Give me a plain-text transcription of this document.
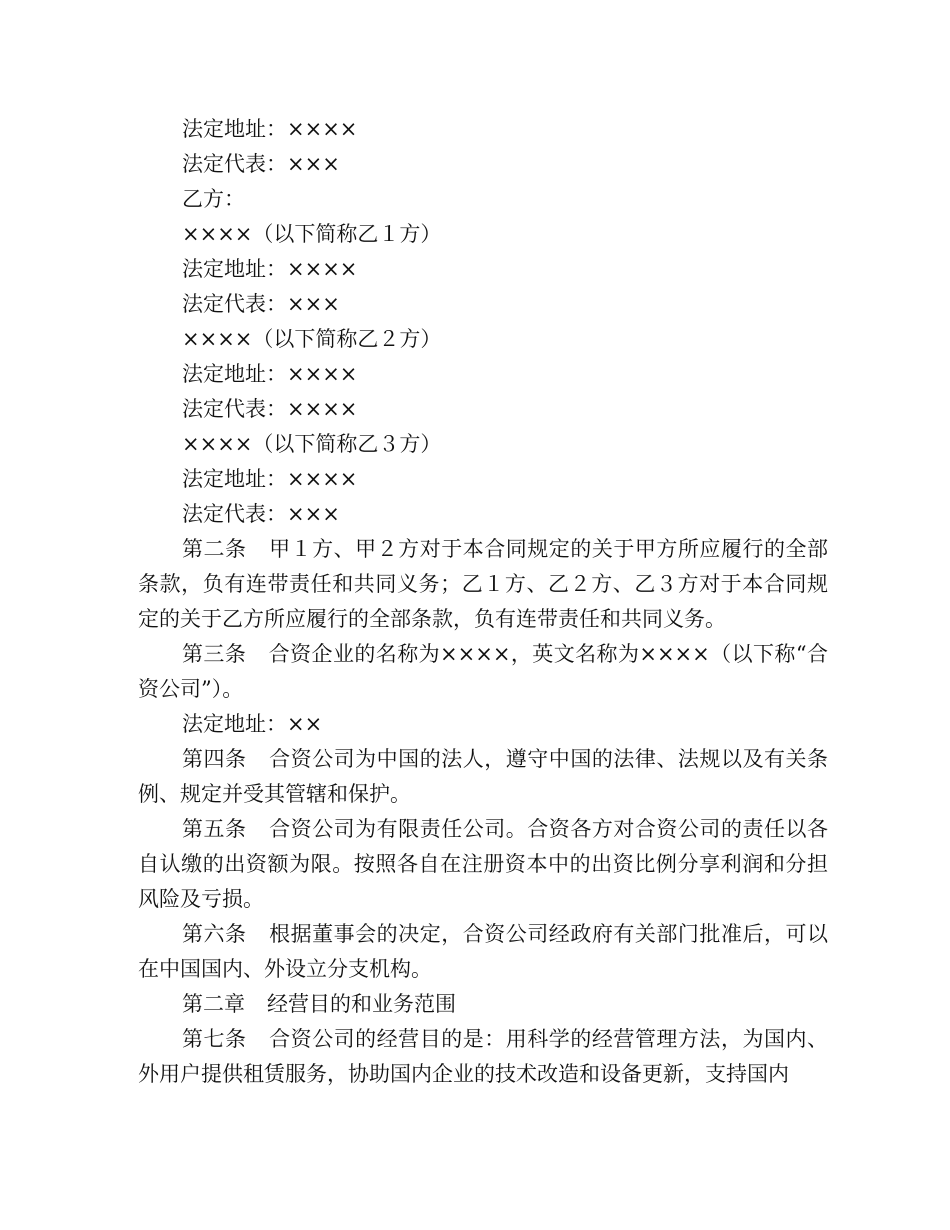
法定地址：××××

法定代表：×××

乙方：

××××（以下简称乙１方）

法定地址：××××

法定代表：×××

××××（以下简称乙２方）

法定地址：××××

法定代表：××××

××××（以下简称乙３方）

法定地址：××××

法定代表：×××

第二条 甲１方、甲２方对于本合同规定的关于甲方所应履行的全部条款，负有连带责任和共同义务；乙１方、乙２方、乙３方对于本合同规定的关于乙方所应履行的全部条款，负有连带责任和共同义务。

第三条 合资企业的名称为××××，英文名称为××××（以下称“合资公司”）。

法定地址：××

第四条 合资公司为中国的法人，遵守中国的法律、法规以及有关条例、规定并受其管辖和保护。

第五条 合资公司为有限责任公司。合资各方对合资公司的责任以各自认缴的出资额为限。按照各自在注册资本中的出资比例分享利润和分担风险及亏损。

第六条 根据董事会的决定，合资公司经政府有关部门批准后，可以在中国国内、外设立分支机构。

第二章 经营目的和业务范围

第七条 合资公司的经营目的是：用科学的经营管理方法，为国内、外用户提供租赁服务，协助国内企业的技术改造和设备更新，支持国内
